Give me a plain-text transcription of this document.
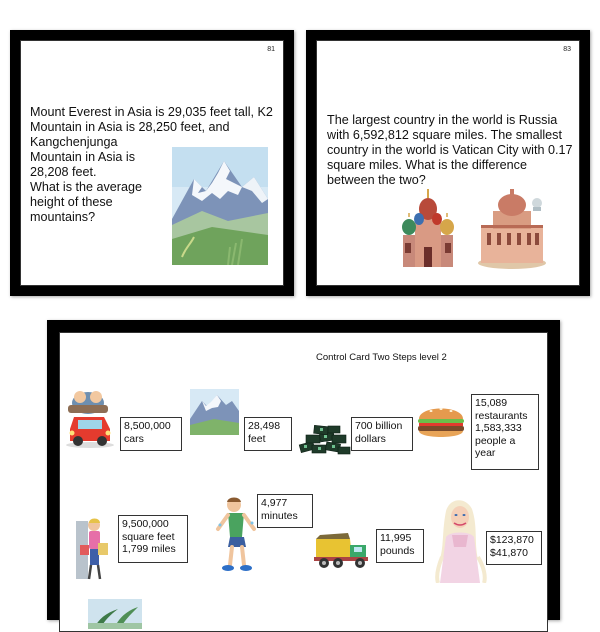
81
Mount Everest in Asia is 29,035 feet tall, K2 Mountain in Asia is 28,250 feet, and Kangchenjunga
Mountain in Asia is
28,208 feet.
What is the average
height of these
mountains?
83
The largest country in the world is Russia with 6,592,812 square miles. The smallest country in the world is Vatican City with 0.17 square miles. What is the difference between the two?
Control Card Two Steps level 2
8,500,000
cars
28,498
feet
700 billion
dollars
15,089
restaurants
1,583,333
people a
year
9,500,000
square feet
1,799 miles
4,977
minutes
11,995
pounds
$123,870
$41,870
